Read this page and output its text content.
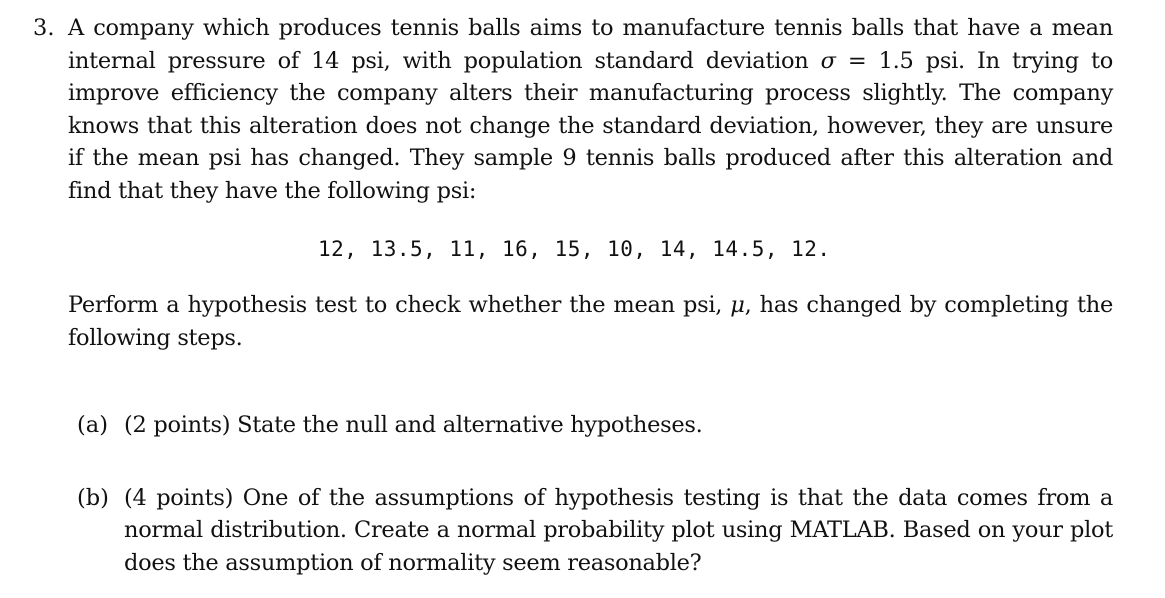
3. A company which produces tennis balls aims to manufacture tennis balls that have a mean internal pressure of 14 psi, with population standard deviation σ = 1.5 psi. In trying to improve efficiency the company alters their manufacturing process slightly. The company knows that this alteration does not change the standard deviation, however, they are unsure if the mean psi has changed. They sample 9 tennis balls produced after this alteration and find that they have the following psi:
12, 13.5, 11, 16, 15, 10, 14, 14.5, 12.
Perform a hypothesis test to check whether the mean psi, μ, has changed by completing the following steps.
(a) (2 points) State the null and alternative hypotheses.
(b) (4 points) One of the assumptions of hypothesis testing is that the data comes from a normal distribution. Create a normal probability plot using MATLAB. Based on your plot does the assumption of normality seem reasonable?
